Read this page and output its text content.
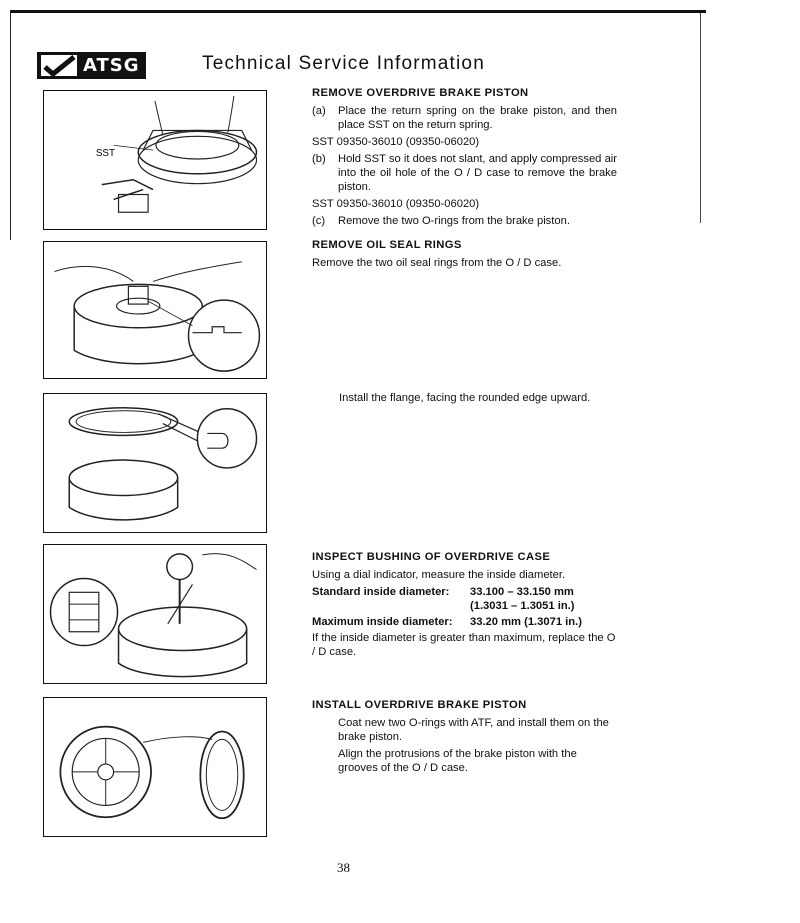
ATSG	Technical Service Information
SST
REMOVE OVERDRIVE BRAKE PISTON
(a)	Place the return spring on the brake piston, and then place SST on the return spring.

SST 09350-36010 (09350-06020)

(b)	Hold SST so it does not slant, and apply compressed air into the oil hole of the O / D case to remove the brake piston.

SST 09350-36010 (09350-06020)

(c)	Remove the two O-rings from the brake piston.
REMOVE OIL SEAL RINGS

Remove the two oil seal rings from the O / D case.

Install the flange, facing the rounded edge upward.
INSPECT BUSHING OF OVERDRIVE CASE

Using a dial indicator, measure the inside diameter.

Standard inside diameter:	33.100 – 33.150 mm
(1.3031 – 1.3051 in.)
Maximum inside diameter:	33.20 mm (1.3071 in.)

If the inside diameter is greater than maximum, replace the O / D case.

INSTALL OVERDRIVE BRAKE PISTON

Coat new two O-rings with ATF, and install them on the brake piston.

Align the protrusions of the brake piston with the grooves of the O / D case.

38
